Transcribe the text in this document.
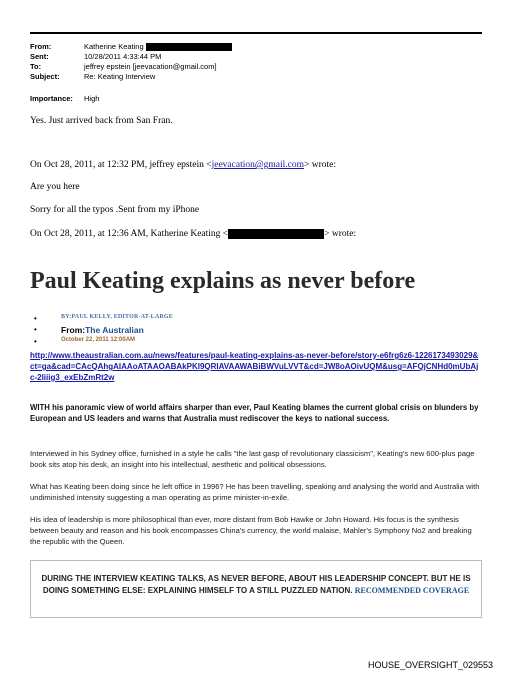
From:	Katherine Keating
Sent:	10/28/2011 4:33:44 PM
To:	jeffrey epstein [jeevacation@gmail.com]
Subject:	Re: Keating Interview
Importance: High
Yes. Just arrived back from San Fran.
On Oct 28, 2011, at 12:32 PM, jeffrey epstein <jeevacation@gmail.com> wrote:
Are you here
Sorry for all the typos .Sent from my iPhone
On Oct 28, 2011, at 12:36 AM, Katherine Keating <	> wrote:
Paul Keating explains as never before
•	BY:PAUL KELLY, EDITOR-AT-LARGE
•	From:The Australian
•	October 22, 2011 12:00AM
http://www.theaustralian.com.au/news/features/paul-keating-explains-as-never-before/story-e6frg6z6-1226173493029&ct=ga&cad=CAcQAhgAIAAoATAAOABAkPKI9QRIAVAAWABiBWVuLVVT&cd=JW8oAOivUQM&usg=AFQjCNHd0mUbAjc-2liiig3_exEbZmRt2w
WITH his panoramic view of world affairs sharper than ever, Paul Keating blames the current global crisis on blunders by European and US leaders and warns that Australia must rediscover the keys to national success.
Interviewed in his Sydney office, furnished in a style he calls "the last gasp of revolutionary classicism", Keating's new 600-plus page book sits atop his desk, an insight into his intellectual, aesthetic and political obsessions.
What has Keating been doing since he left office in 1996? He has been travelling, speaking and analysing the world and Australia with undiminished intensity suggesting a man operating as prime minister-in-exile.
His idea of leadership is more philosophical than ever, more distant from Bob Hawke or John Howard. His focus is the synthesis between beauty and reason and his book encompasses China's currency, the world malaise, Mahler's Symphony No2 and breaking the republic with the Queen.
DURING THE INTERVIEW KEATING TALKS, AS NEVER BEFORE, ABOUT HIS LEADERSHIP CONCEPT. BUT HE IS DOING SOMETHING ELSE: EXPLAINING HIMSELF TO A STILL PUZZLED NATION. RECOMMENDED COVERAGE
HOUSE_OVERSIGHT_029553
